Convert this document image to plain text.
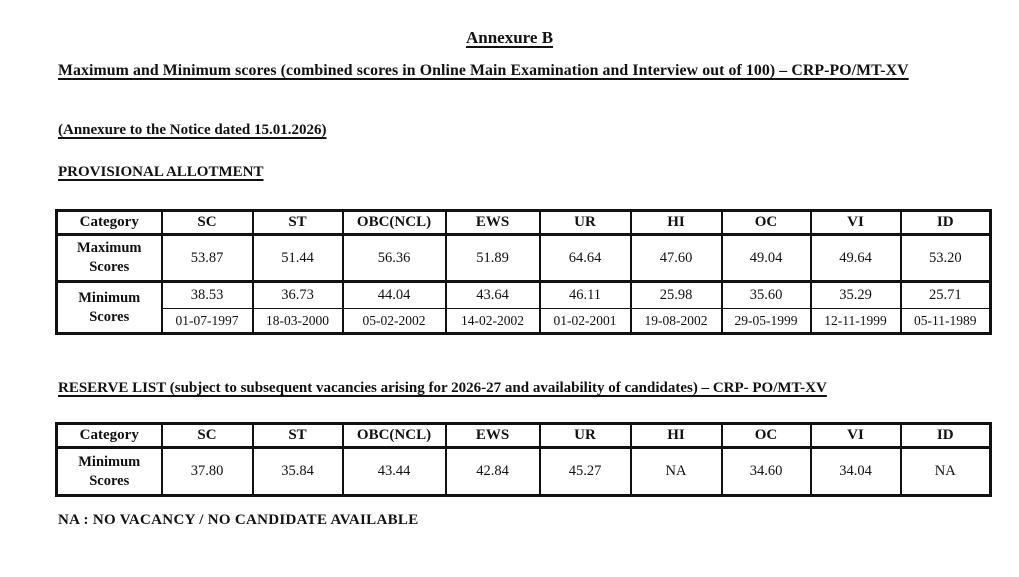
Annexure B
Maximum and Minimum scores (combined scores in Online Main Examination and Interview out of 100) – CRP-PO/MT-XV
(Annexure to the Notice dated 15.01.2026)
PROVISIONAL ALLOTMENT
Category	SC	ST	OBC(NCL)	EWS	UR	HI	OC	VI	ID
Maximum Scores	53.87	51.44	56.36	51.89	64.64	47.60	49.04	49.64	53.20
Minimum Scores	38.53	36.73	44.04	43.64	46.11	25.98	35.60	35.29	25.71
	01-07-1997	18-03-2000	05-02-2002	14-02-2002	01-02-2001	19-08-2002	29-05-1999	12-11-1999	05-11-1989
RESERVE LIST (subject to subsequent vacancies arising for 2026-27 and availability of candidates) – CRP- PO/MT-XV
Category	SC	ST	OBC(NCL)	EWS	UR	HI	OC	VI	ID
Minimum Scores	37.80	35.84	43.44	42.84	45.27	NA	34.60	34.04	NA
NA : NO VACANCY / NO CANDIDATE AVAILABLE
